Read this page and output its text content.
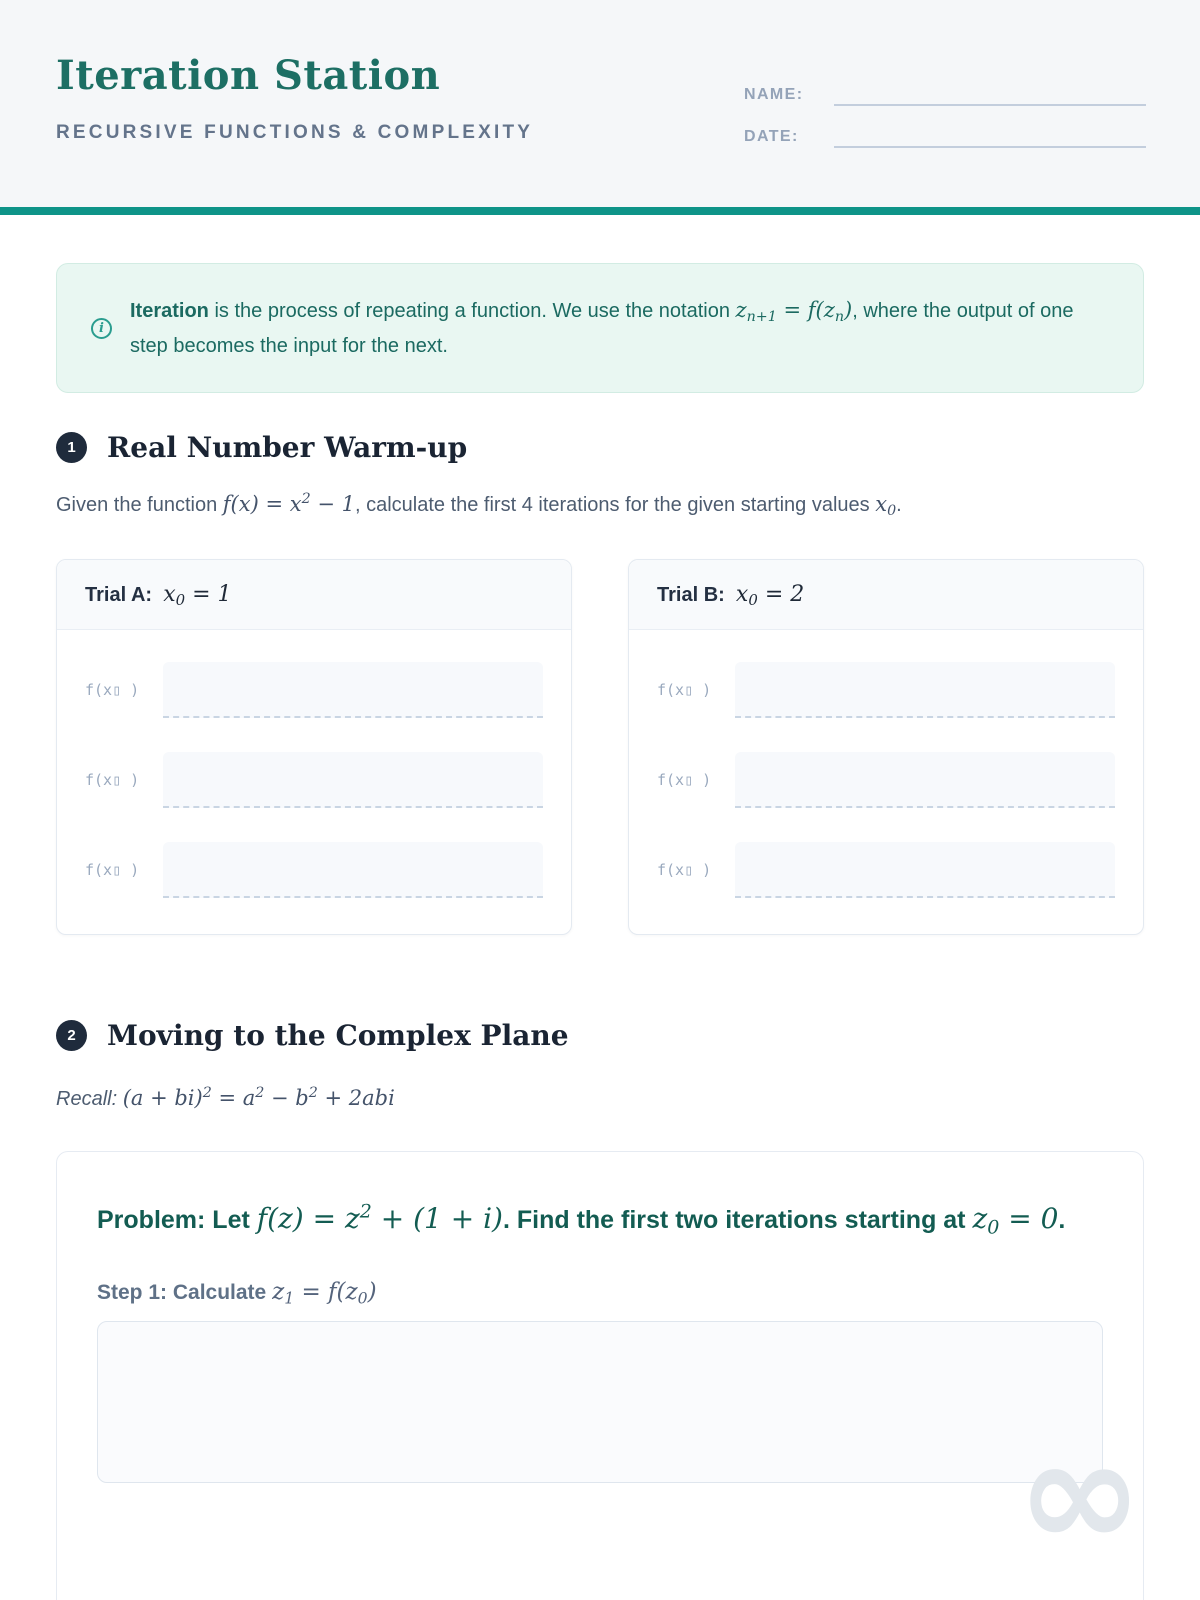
Iteration Station
RECURSIVE FUNCTIONS & COMPLEXITY
NAME:
DATE:
i

Iteration is the process of repeating a function. We use the notation $z_{n+1} = f(z_n)$, where the output of one step becomes the input for the next.

1	Real Number Warm-up

Given the function $f(x) = x^2 - 1$, calculate the first 4 iterations for the given starting values $x_0$.

Trial A: $x_0 = 1$
f(x▯ )
f(x▯ )
f(x▯ )
Trial B: $x_0 = 2$
f(x▯ )
f(x▯ )
f(x▯ )
2	Moving to the Complex Plane

Recall: $(a + bi)^2 = a^2 - b^2 + 2abi$

Problem: Let $f(z) = z^2 + (1 + i)$. Find the first two iterations starting at $z_0 = 0$.

Step 1: Calculate $z_1 = f(z_0)$

∞
